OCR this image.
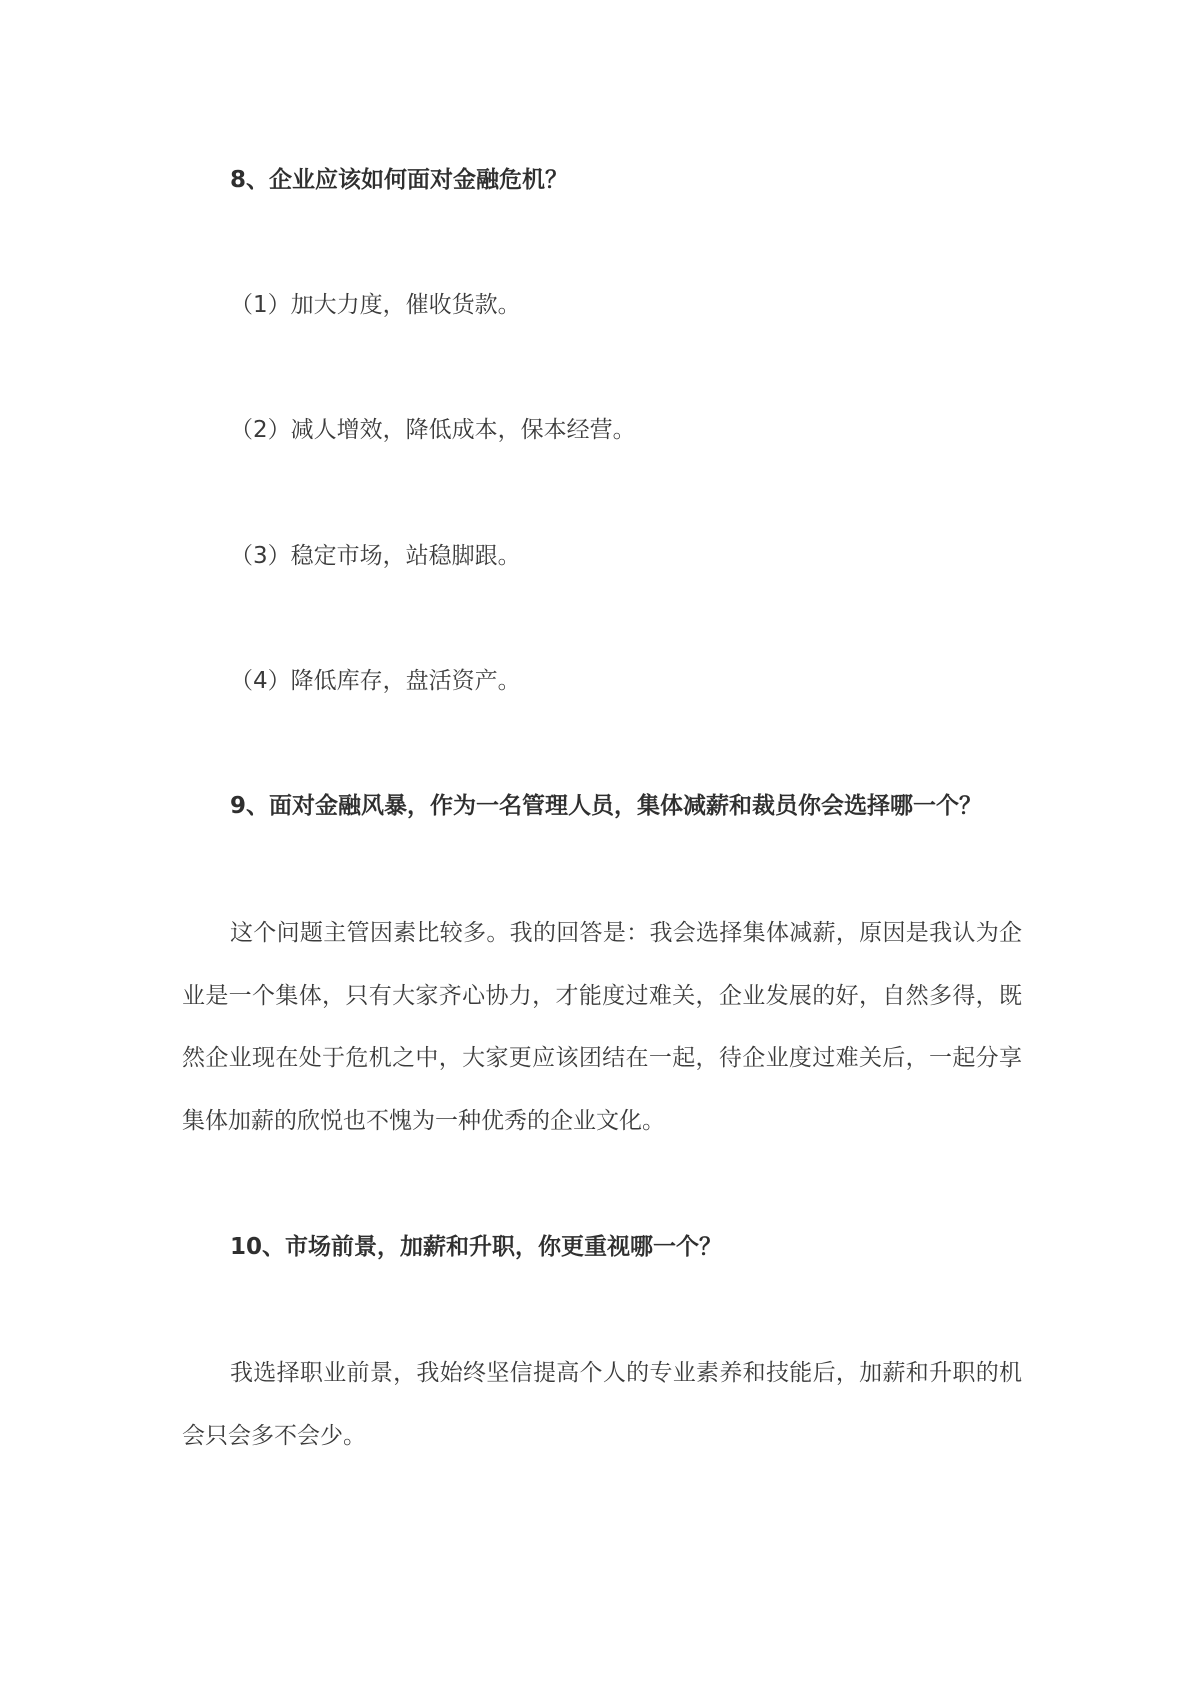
8、企业应该如何面对金融危机？

（1）加大力度，催收货款。

（2）减人增效，降低成本，保本经营。

（3）稳定市场，站稳脚跟。

（4）降低库存，盘活资产。

9、面对金融风暴，作为一名管理人员，集体减薪和裁员你会选择哪一个？

这个问题主管因素比较多。我的回答是：我会选择集体减薪，原因是我认为企业是一个集体，只有大家齐心协力，才能度过难关，企业发展的好，自然多得，既然企业现在处于危机之中，大家更应该团结在一起，待企业度过难关后，一起分享集体加薪的欣悦也不愧为一种优秀的企业文化。

10、市场前景，加薪和升职，你更重视哪一个？

我选择职业前景，我始终坚信提高个人的专业素养和技能后，加薪和升职的机会只会多不会少。
